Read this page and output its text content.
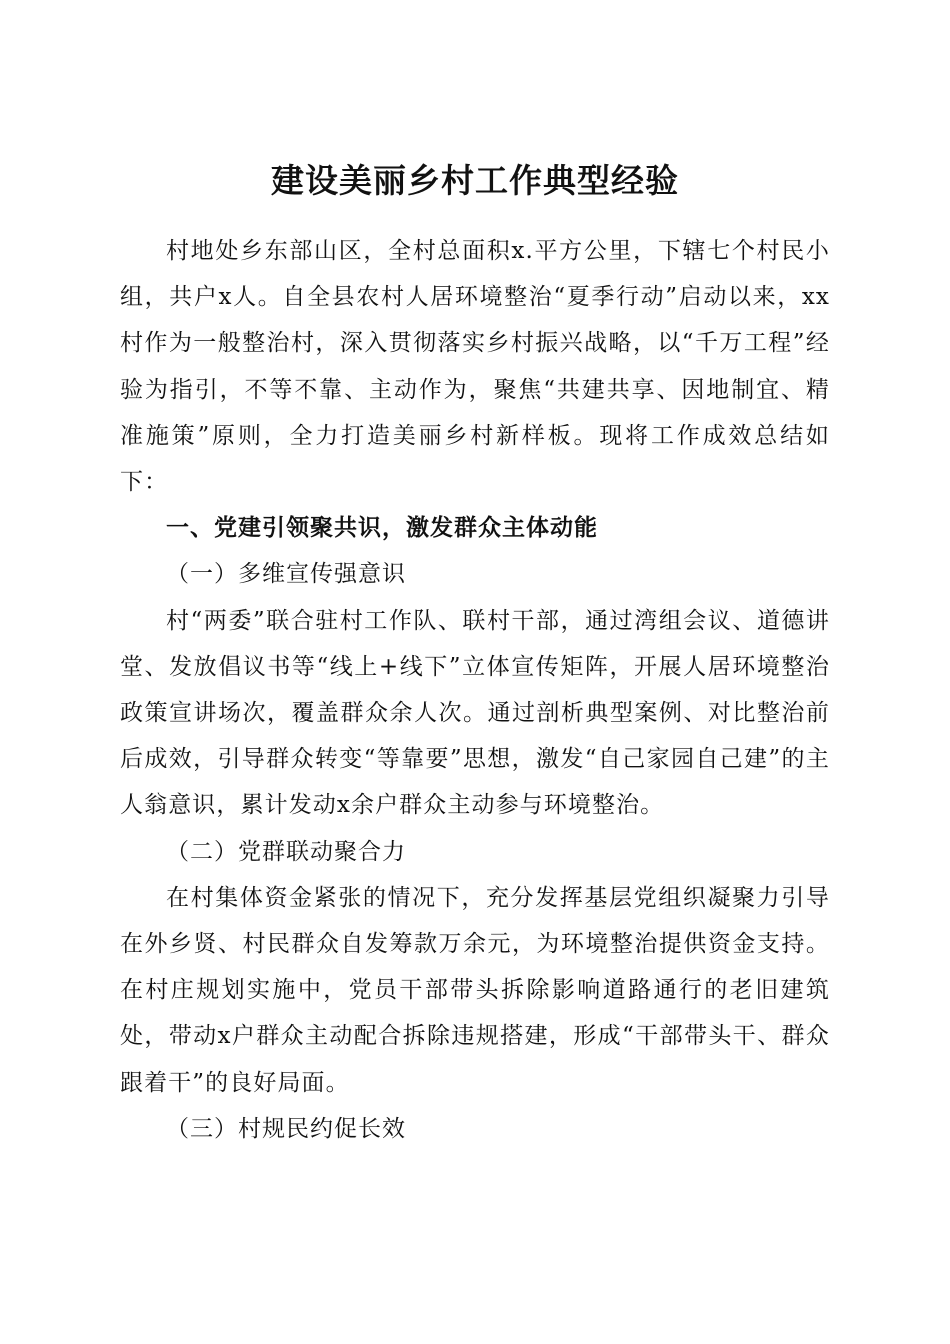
建设美丽乡村工作典型经验

村地处乡东部山区，全村总面积x.平方公里，下辖七个村民小组，共户x人。自全县农村人居环境整治“夏季行动”启动以来，xx村作为一般整治村，深入贯彻落实乡村振兴战略，以“千万工程”经验为指引，不等不靠、主动作为，聚焦“共建共享、因地制宜、精准施策”原则，全力打造美丽乡村新样板。现将工作成效总结如下：

一、党建引领聚共识，激发群众主体动能
（一）多维宣传强意识

村“两委”联合驻村工作队、联村干部，通过湾组会议、道德讲堂、发放倡议书等“线上+线下”立体宣传矩阵，开展人居环境整治政策宣讲场次，覆盖群众余人次。通过剖析典型案例、对比整治前后成效，引导群众转变“等靠要”思想，激发“自己家园自己建”的主人翁意识，累计发动x余户群众主动参与环境整治。

（二）党群联动聚合力

在村集体资金紧张的情况下，充分发挥基层党组织凝聚力引导在外乡贤、村民群众自发筹款万余元，为环境整治提供资金支持。在村庄规划实施中，党员干部带头拆除影响道路通行的老旧建筑处，带动x户群众主动配合拆除违规搭建，形成“干部带头干、群众跟着干”的良好局面。

（三）村规民约促长效
